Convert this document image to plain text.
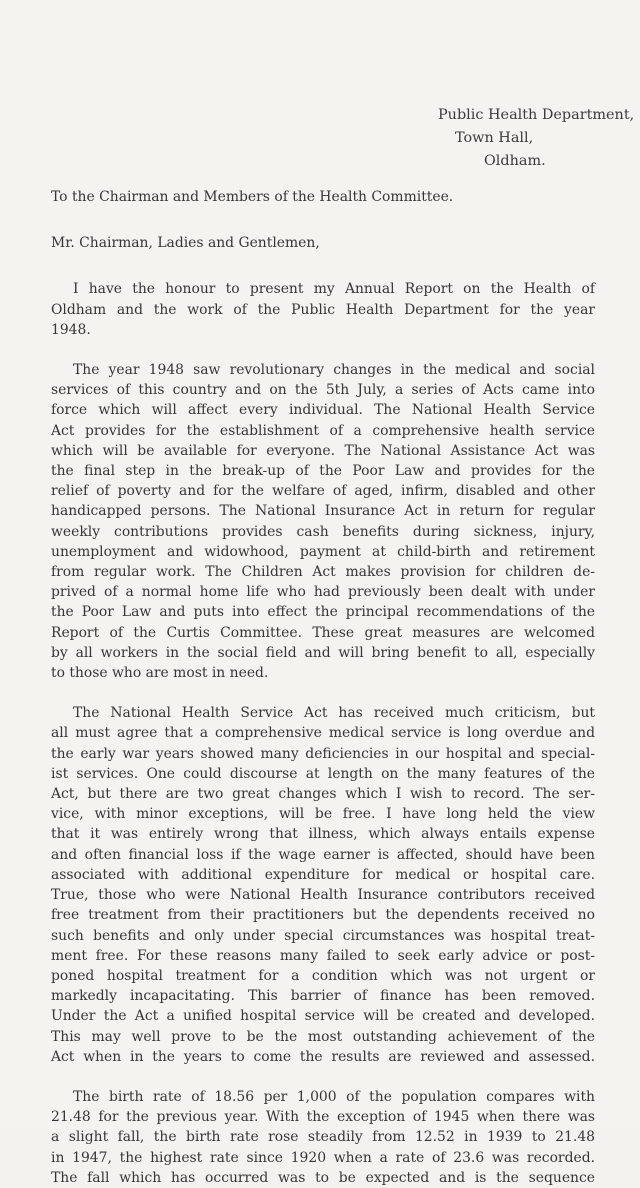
Public Health Department,
Town Hall,
Oldham.
To the Chairman and Members of the Health Committee.
Mr. Chairman, Ladies and Gentlemen,
I have the honour to present my Annual Report on the Health of
Oldham and the work of the Public Health Department for the year
1948.
The year 1948 saw revolutionary changes in the medical and social
services of this country and on the 5th July, a series of Acts came into
force which will affect every individual. The National Health Service
Act provides for the establishment of a comprehensive health service
which will be available for everyone. The National Assistance Act was
the final step in the break-up of the Poor Law and provides for the
relief of poverty and for the welfare of aged, infirm, disabled and other
handicapped persons. The National Insurance Act in return for regular
weekly contributions provides cash benefits during sickness, injury,
unemployment and widowhood, payment at child-birth and retirement
from regular work. The Children Act makes provision for children de-
prived of a normal home life who had previously been dealt with under
the Poor Law and puts into effect the principal recommendations of the
Report of the Curtis Committee. These great measures are welcomed
by all workers in the social field and will bring benefit to all, especially
to those who are most in need.
The National Health Service Act has received much criticism, but
all must agree that a comprehensive medical service is long overdue and
the early war years showed many deficiencies in our hospital and special-
ist services. One could discourse at length on the many features of the
Act, but there are two great changes which I wish to record. The ser-
vice, with minor exceptions, will be free. I have long held the view
that it was entirely wrong that illness, which always entails expense
and often financial loss if the wage earner is affected, should have been
associated with additional expenditure for medical or hospital care.
True, those who were National Health Insurance contributors received
free treatment from their practitioners but the dependents received no
such benefits and only under special circumstances was hospital treat-
ment free. For these reasons many failed to seek early advice or post-
poned hospital treatment for a condition which was not urgent or
markedly incapacitating. This barrier of finance has been removed.
Under the Act a unified hospital service will be created and developed.
This may well prove to be the most outstanding achievement of the
Act when in the years to come the results are reviewed and assessed.
The birth rate of 18.56 per 1,000 of the population compares with
21.48 for the previous year. With the exception of 1945 when there was
a slight fall, the birth rate rose steadily from 12.52 in 1939 to 21.48
in 1947, the highest rate since 1920 when a rate of 23.6 was recorded.
The fall which has occurred was to be expected and is the sequence
